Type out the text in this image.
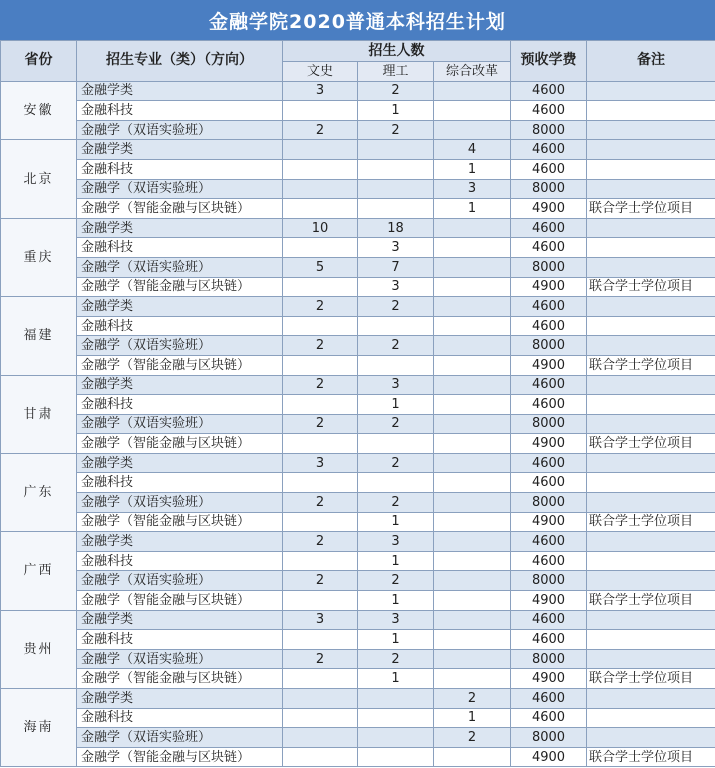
金融学院2020普通本科招生计划
省份	招生专业（类）（方向）	招生人数			预收学费	备注
		文史	理工	综合改革		
安徽	金融学类	3	2		4600	
	金融科技		1		4600	
	金融学（双语实验班）	2	2		8000	
北京	金融学类			4	4600	
	金融科技			1	4600	
	金融学（双语实验班）			3	8000	
	金融学（智能金融与区块链）			1	4900	联合学士学位项目
重庆	金融学类	10	18		4600	
	金融科技		3		4600	
	金融学（双语实验班）	5	7		8000	
	金融学（智能金融与区块链）		3		4900	联合学士学位项目
福建	金融学类	2	2		4600	
	金融科技				4600	
	金融学（双语实验班）	2	2		8000	
	金融学（智能金融与区块链）				4900	联合学士学位项目
甘肃	金融学类	2	3		4600	
	金融科技		1		4600	
	金融学（双语实验班）	2	2		8000	
	金融学（智能金融与区块链）				4900	联合学士学位项目
广东	金融学类	3	2		4600	
	金融科技				4600	
	金融学（双语实验班）	2	2		8000	
	金融学（智能金融与区块链）		1		4900	联合学士学位项目
广西	金融学类	2	3		4600	
	金融科技		1		4600	
	金融学（双语实验班）	2	2		8000	
	金融学（智能金融与区块链）		1		4900	联合学士学位项目
贵州	金融学类	3	3		4600	
	金融科技		1		4600	
	金融学（双语实验班）	2	2		8000	
	金融学（智能金融与区块链）		1		4900	联合学士学位项目
海南	金融学类			2	4600	
	金融科技			1	4600	
	金融学（双语实验班）			2	8000	
	金融学（智能金融与区块链）				4900	联合学士学位项目
